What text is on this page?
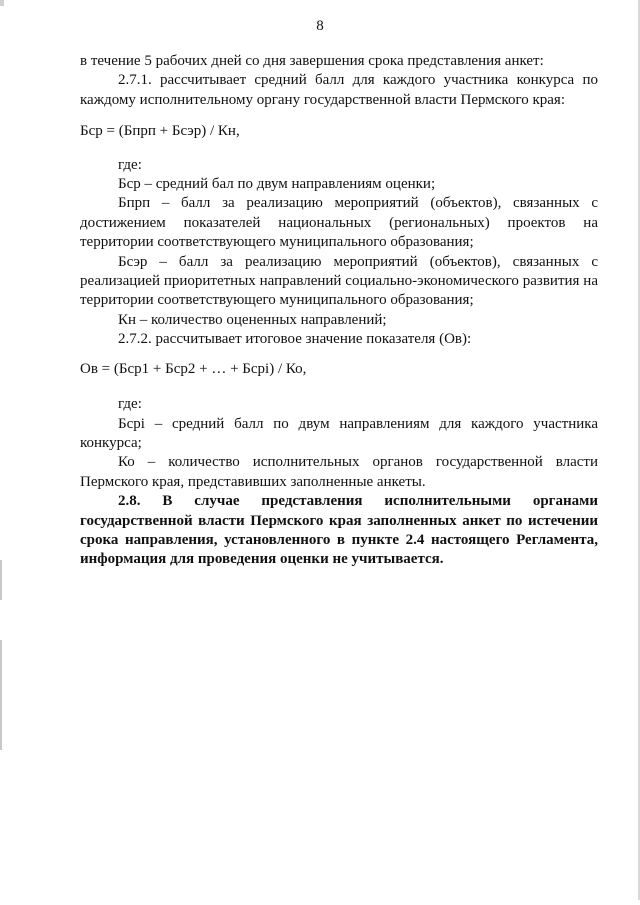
8

в течение 5 рабочих дней со дня завершения срока представления анкет:

2.7.1. рассчитывает средний балл для каждого участника конкурса по каждому исполнительному органу государственной власти Пермского края:

Бср = (Бпрп + Бсэр) / Кн,

где:

Бср – средний бал по двум направлениям оценки;

Бпрп – балл за реализацию мероприятий (объектов), связанных с достижением показателей национальных (региональных) проектов на территории соответствующего муниципального образования;

Бсэр – балл за реализацию мероприятий (объектов), связанных с реализацией приоритетных направлений социально-экономического развития на территории соответствующего муниципального образования;

Кн – количество оцененных направлений;

2.7.2. рассчитывает итоговое значение показателя (Ов):

Ов = (Бср1 + Бср2 + … + Бсрi) / Ко,

где:

Бсрi – средний балл по двум направлениям для каждого участника конкурса;

Ко – количество исполнительных органов государственной власти Пермского края, представивших заполненные анкеты.

2.8. В случае представления исполнительными органами государственной власти Пермского края заполненных анкет по истечении срока направления, установленного в пункте 2.4 настоящего Регламента, информация для проведения оценки не учитывается.
